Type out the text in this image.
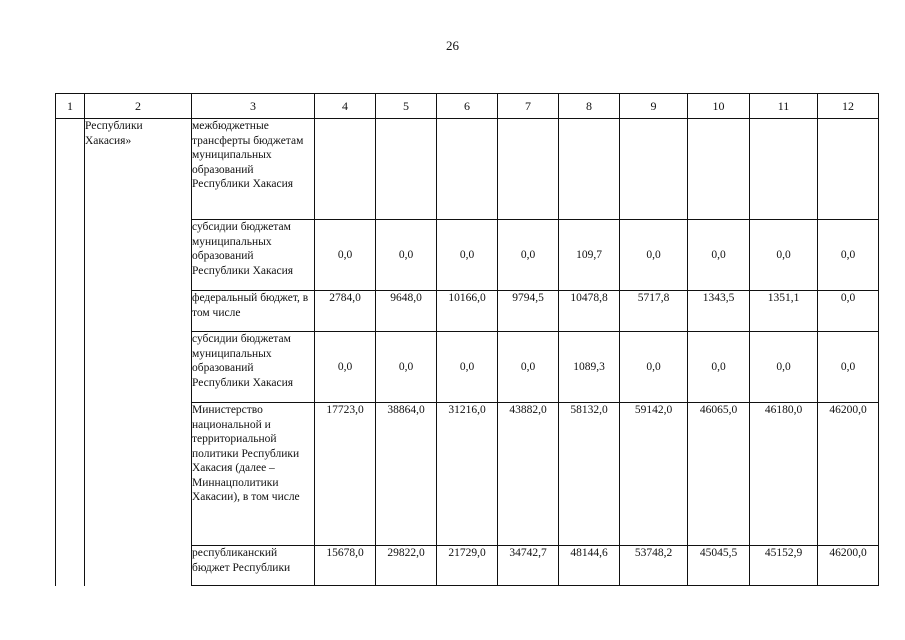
26
1	2	3	4	5	6	7	8	9	10	11	12
	Республики Хакасия»	межбюджетные трансферты бюджетам муниципальных образований Республики Хакасия									
		субсидии бюджетам муниципальных образований Республики Хакасия	0,0	0,0	0,0	0,0	109,7	0,0	0,0	0,0	0,0
		федеральный бюджет, в том числе	2784,0	9648,0	10166,0	9794,5	10478,8	5717,8	1343,5	1351,1	0,0
		субсидии бюджетам муниципальных образований Республики Хакасия	0,0	0,0	0,0	0,0	1089,3	0,0	0,0	0,0	0,0
		Министерство национальной и территориальной политики Республики Хакасия (далее – Миннацполитики Хакасии), в том числе	17723,0	38864,0	31216,0	43882,0	58132,0	59142,0	46065,0	46180,0	46200,0
		республиканский бюджет Республики	15678,0	29822,0	21729,0	34742,7	48144,6	53748,2	45045,5	45152,9	46200,0
